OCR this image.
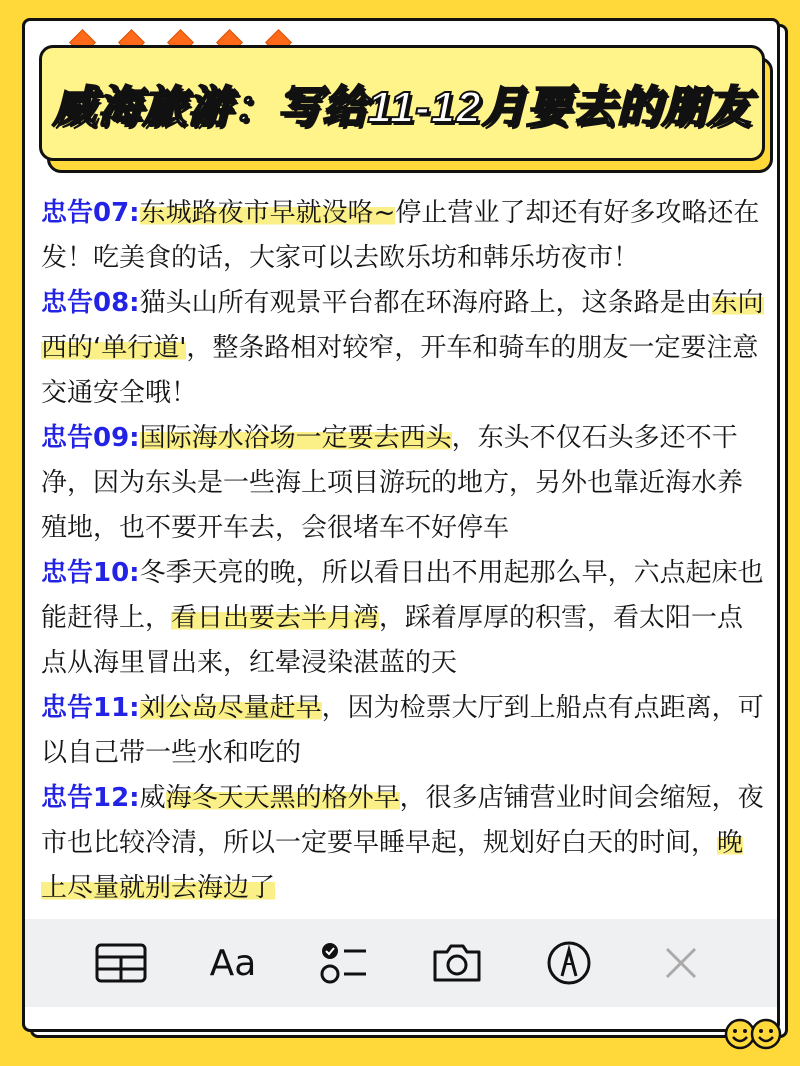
威海旅游：写给11-12月要去的朋友

忠告07:东城路夜市早就没咯~停止营业了却还有好多攻略还在发！吃美食的话，大家可以去欧乐坊和韩乐坊夜市！

忠告08:猫头山所有观景平台都在环海府路上，这条路是由东向西的‘单行道'，整条路相对较窄，开车和骑车的朋友一定要注意交通安全哦！

忠告09:国际海水浴场一定要去西头，东头不仅石头多还不干净，因为东头是一些海上项目游玩的地方，另外也靠近海水养殖地，也不要开车去，会很堵车不好停车

忠告10:冬季天亮的晚，所以看日出不用起那么早，六点起床也能赶得上，看日出要去半月湾，踩着厚厚的积雪，看太阳一点点从海里冒出来，红晕浸染湛蓝的天

忠告11:刘公岛尽量赶早，因为检票大厅到上船点有点距离，可以自己带一些水和吃的

忠告12:威海冬天天黑的格外早，很多店铺营业时间会缩短，夜市也比较冷清，所以一定要早睡早起，规划好白天的时间，晚上尽量就别去海边了

Aa
